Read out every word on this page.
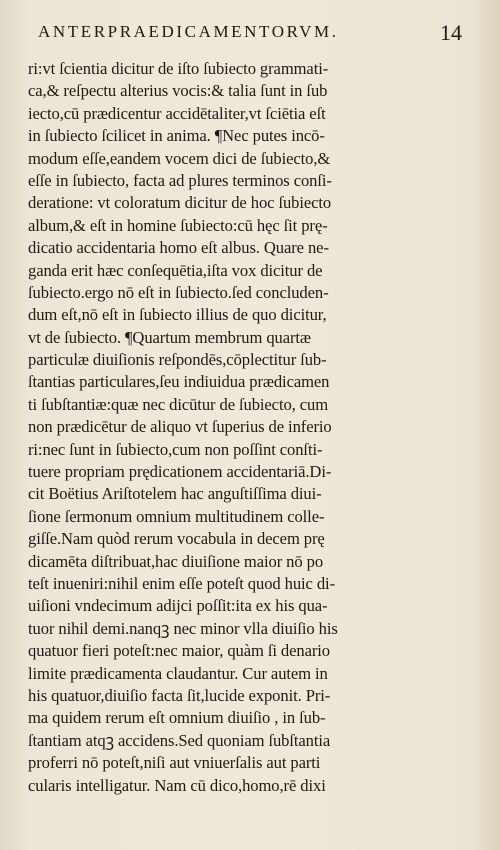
ANTERPRAEDICAMENTORVM.	14
ri:vt ſcientia dicitur de iſto ſubiecto grammati-
ca,& reſpectu alterius vocis:& talia ſunt in ſub
iecto,cū prædicentur accidētaliter,vt ſciētia eſt
in ſubiecto ſcilicet in anima. ¶Nec putes incō-
modum eſſe,eandem vocem dici de ſubiecto,&
eſſe in ſubiecto, facta ad plures terminos conſi-
deratione: vt coloratum dicitur de hoc ſubiecto
album,& eſt in homine ſubiecto:cū hęc ſit prę-
dicatio accidentaria homo eſt albus. Quare ne-
ganda erit hæc conſequētia,iſta vox dicitur de
ſubiecto.ergo nō eſt in ſubiecto.ſed concluden-
dum eſt,nō eſt in ſubiecto illius de quo dicitur,
vt de ſubiecto. ¶Quartum membrum quartæ
particulæ diuiſionis reſpondēs,cōplectitur ſub-
ſtantias particulares,ſeu indiuidua prædicamen
ti ſubſtantiæ:quæ nec dicūtur de ſubiecto, cum
non prædicētur de aliquo vt ſuperius de inferio
ri:nec ſunt in ſubiecto,cum non poſſint conſti-
tuere propriam prędicationem accidentariā.Di-
cit Boëtius Ariſtotelem hac anguſtiſſima diui-
ſione ſermonum omnium multitudinem colle-
giſſe.Nam quòd rerum vocabula in decem prę
dicamēta diſtribuat,hac diuiſione maior nō po
teſt inueniri:nihil enim eſſe poteſt quod huic di-
uiſioni vndecimum adijci poſſit:ita ex his qua-
tuor nihil demi.nanqꝫ nec minor vlla diuiſio his
quatuor fieri poteſt:nec maior, quàm ſi denario
limite prædicamenta claudantur. Cur autem in
his quatuor,diuiſio facta ſit,lucide exponit. Pri-
ma quidem rerum eſt omnium diuiſio , in ſub-
ſtantiam atqꝫ accidens.Sed quoniam ſubſtantia
proferri nō poteſt,niſi aut vniuerſalis aut parti
cularis intelligatur. Nam cū dico,homo,rē dixi
